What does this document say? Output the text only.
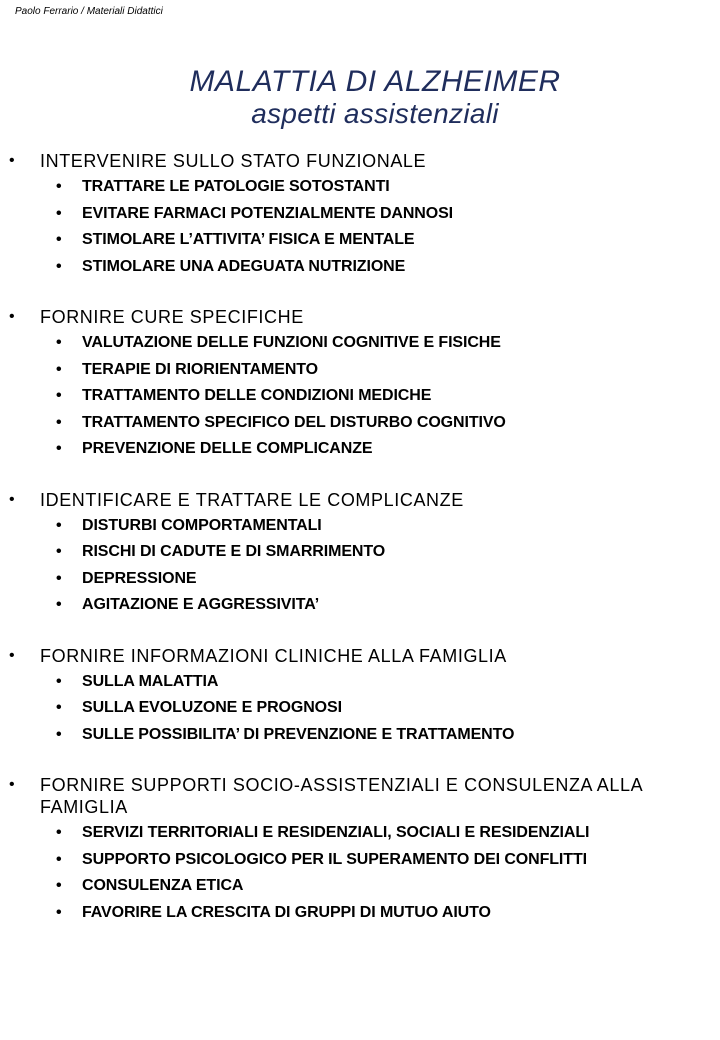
Paolo Ferrario / Materiali Didattici
MALATTIA DI ALZHEIMER
aspetti assistenziali
• INTERVENIRE SULLO STATO FUNZIONALE
• TRATTARE LE PATOLOGIE SOTOSTANTI
• EVITARE FARMACI POTENZIALMENTE DANNOSI
• STIMOLARE L’ATTIVITA’ FISICA E MENTALE
• STIMOLARE UNA ADEGUATA NUTRIZIONE
• FORNIRE CURE SPECIFICHE
• VALUTAZIONE DELLE FUNZIONI COGNITIVE E FISICHE
• TERAPIE DI RIORIENTAMENTO
• TRATTAMENTO DELLE CONDIZIONI MEDICHE
• TRATTAMENTO SPECIFICO DEL DISTURBO COGNITIVO
• PREVENZIONE DELLE COMPLICANZE
• IDENTIFICARE E TRATTARE LE COMPLICANZE
• DISTURBI COMPORTAMENTALI
• RISCHI DI CADUTE E DI SMARRIMENTO
• DEPRESSIONE
• AGITAZIONE E AGGRESSIVITA’
• FORNIRE INFORMAZIONI CLINICHE ALLA FAMIGLIA
• SULLA MALATTIA
• SULLA EVOLUZONE E PROGNOSI
• SULLE POSSIBILITA’ DI PREVENZIONE E TRATTAMENTO
• FORNIRE SUPPORTI SOCIO-ASSISTENZIALI E CONSULENZA ALLA FAMIGLIA
• SERVIZI TERRITORIALI E RESIDENZIALI, SOCIALI E RESIDENZIALI
• SUPPORTO PSICOLOGICO PER IL SUPERAMENTO DEI CONFLITTI
• CONSULENZA ETICA
• FAVORIRE LA CRESCITA DI GRUPPI DI MUTUO AIUTO
